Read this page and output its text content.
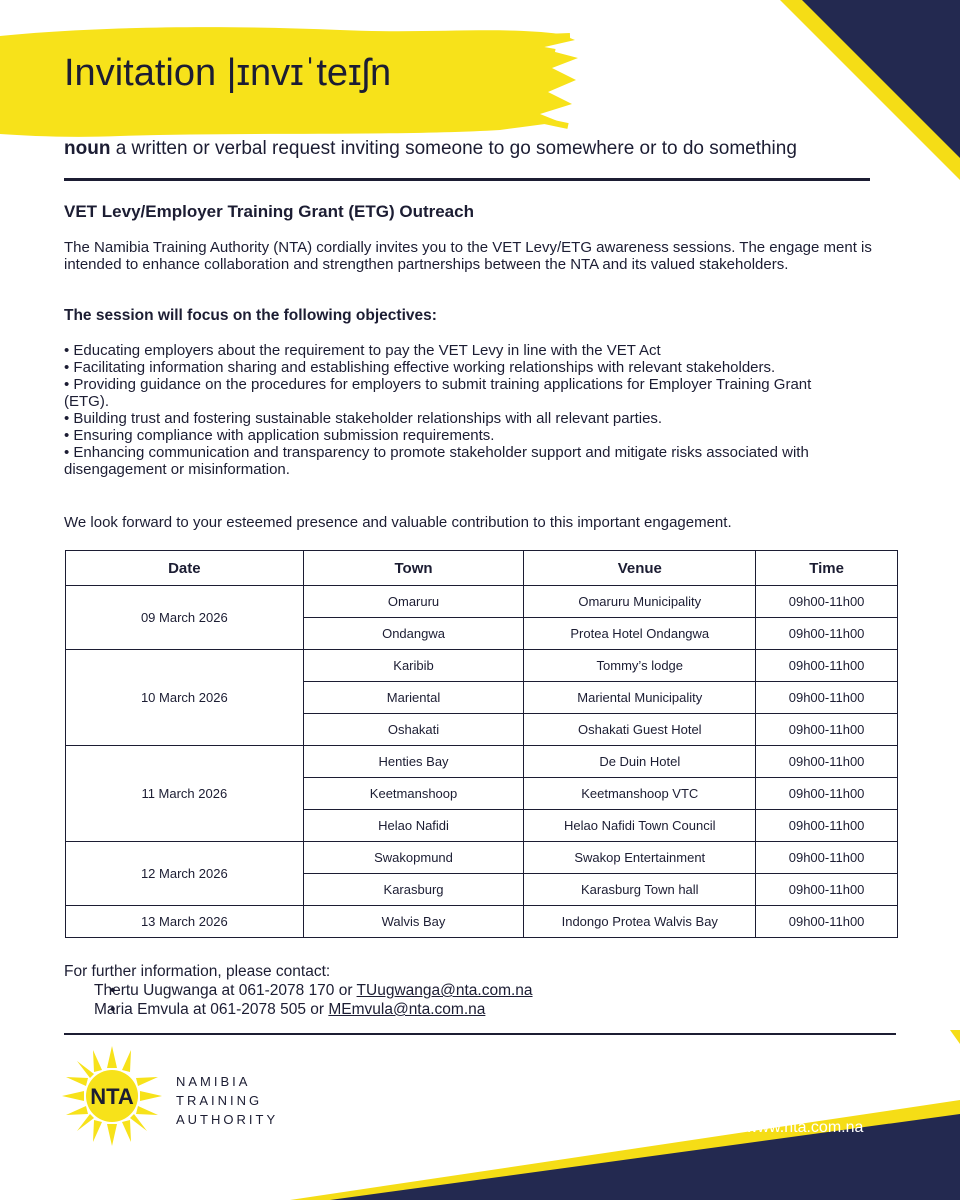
Invitation |ɪnvɪˈteɪʃn
noun a written or verbal request inviting someone to go somewhere or to do something
VET Levy/Employer Training Grant (ETG) Outreach
The Namibia Training Authority (NTA) cordially invites you to the VET Levy/ETG awareness sessions. The engage ment is intended to enhance collaboration and strengthen partnerships between the NTA and its valued stakeholders.
The session will focus on the following objectives:
• Educating employers about the requirement to pay the VET Levy in line with the VET Act
• Facilitating information sharing and establishing effective working relationships with relevant stakeholders.
• Providing guidance on the procedures for employers to submit training applications for Employer Training Grant (ETG).
• Building trust and fostering sustainable stakeholder relationships with all relevant parties.
• Ensuring compliance with application submission requirements.
• Enhancing communication and transparency to promote stakeholder support and mitigate risks associated with disengagement or misinformation.
We look forward to your esteemed presence and valuable contribution to this important engagement.
Date	Town	Venue	Time
09 March 2026	Omaruru	Omaruru Municipality	09h00-11h00
	Ondangwa	Protea Hotel Ondangwa	09h00-11h00
10 March 2026	Karibib	Tommy’s lodge	09h00-11h00
	Mariental	Mariental Municipality	09h00-11h00
	Oshakati	Oshakati Guest Hotel	09h00-11h00
11 March 2026	Henties Bay	De Duin Hotel	09h00-11h00
	Keetmanshoop	Keetmanshoop VTC	09h00-11h00
	Helao Nafidi	Helao Nafidi Town Council	09h00-11h00
12 March 2026	Swakopmund	Swakop Entertainment	09h00-11h00
	Karasburg	Karasburg Town hall	09h00-11h00
13 March 2026	Walvis Bay	Indongo Protea Walvis Bay	09h00-11h00
For further information, please contact:
• Thertu Uugwanga at 061-2078 170 or TUugwanga@nta.com.na
• Maria Emvula at 061-2078 505 or MEmvula@nta.com.na
NTA
NAMIBIA
TRAINING
AUTHORITY	www.nta.com.na
